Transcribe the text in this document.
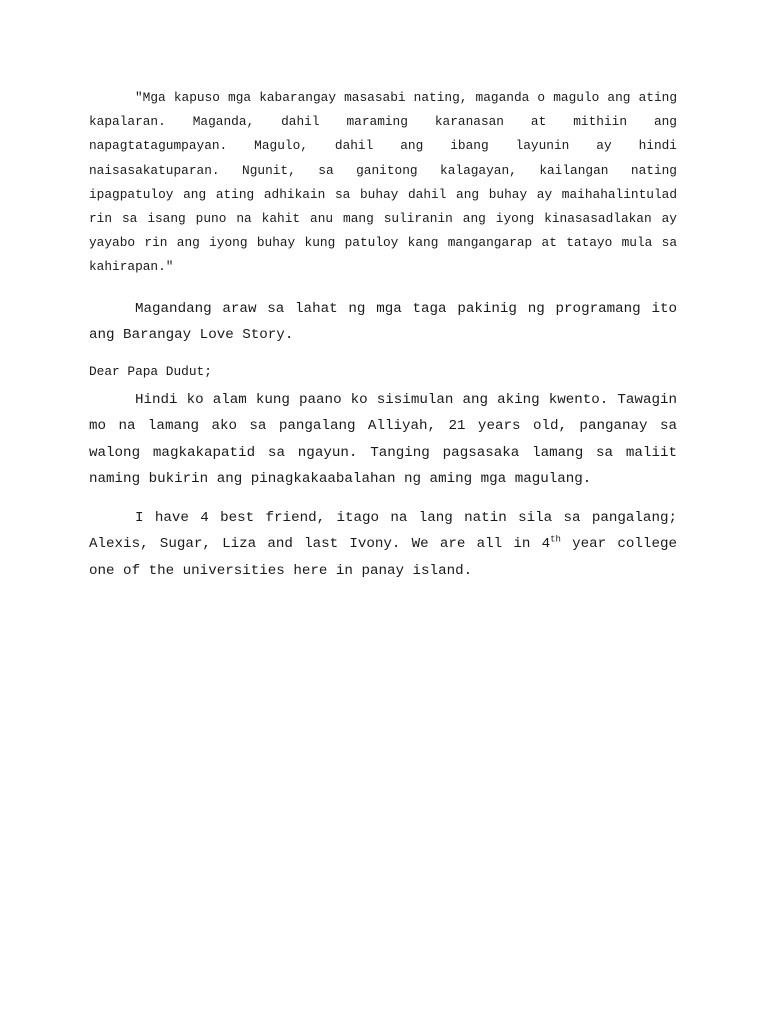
"Mga kapuso mga kabarangay masasabi nating, maganda o magulo ang ating kapalaran. Maganda, dahil maraming karanasan at mithiin ang napagtatagumpayan. Magulo, dahil ang ibang layunin ay hindi naisasakatuparan. Ngunit, sa ganitong kalagayan, kailangan nating ipagpatuloy ang ating adhikain sa buhay dahil ang buhay ay maihahalintulad rin sa isang puno na kahit anu mang suliranin ang iyong kinasasadlakan ay yayabo rin ang iyong buhay kung patuloy kang mangangarap at tatayo mula sa kahirapan."

Magandang araw sa lahat ng mga taga pakinig ng programang ito ang Barangay Love Story.

Dear Papa Dudut;

Hindi ko alam kung paano ko sisimulan ang aking kwento. Tawagin mo na lamang ako sa pangalang Alliyah, 21 years old, panganay sa walong magkakapatid sa ngayun. Tanging pagsasaka lamang sa maliit naming bukirin ang pinagkakaabalahan ng aming mga magulang.

I have 4 best friend, itago na lang natin sila sa pangalang; Alexis, Sugar, Liza and last Ivony. We are all in 4th year college one of the universities here in panay island.
